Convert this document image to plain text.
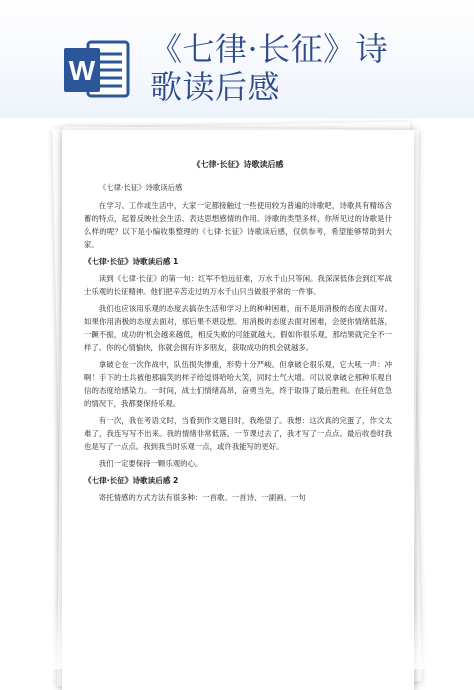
W
《七律·长征》诗
歌读后感
《七律·长征》诗歌读后感

《七律·长征》诗歌读后感

在学习、工作或生活中，大家一定都接触过一些使用较为普遍的诗歌吧，诗歌具有精练含蓄的特点，起着反映社会生活、表达思想感情的作用。诗歌的类型多样，你所见过的诗歌是什么样的呢？以下是小编收集整理的《七律·长征》诗歌读后感，仅供参考，希望能够帮助到大家。

《七律·长征》诗歌读后感 1

读到《七律·长征》的第一句：红军不怕远征难，万水千山只等闲。我深深低体会到红军战士乐观的长征精神。他们把辛苦走过的万水千山只当做很平常的一件事。

我们也应该用乐观的态度去搞杂生活和学习上的种种困难，而不是用消极的态度去面对。如果你用消极的态度去面对，那后果不堪设想。用消极的态度去面对困难，会使你情绪低落，一蹶不振，成功的'机会越来越低，相反失败的可能就越大。假如你很乐观，那结果就完全不一样了。你的心情愉快，你就会拥有许多朋友，获取成功的机会就越多。

拿破仑在一次作战中，队伍损失惨重，形势十分严峻。但拿破仑很乐观，它大吼一声：冲啊！手下的士兵被他那搞笑的样子给逗得哈哈大笑，同时士气大增。可以说拿破仑那种乐观自信的态度给感染力。一时间，战士们情绪高昂，奋勇当先，终于取得了最后胜利。在任何危急的情况下，我都要保持乐观。

有一次，我在考语文时，当看到作文题目时，我绝望了。我想：这次真的完蛋了，作文太难了，我连写写不出来。我的情绪非常低落，一节课过去了，我才写了一点点。最后收卷时我也是写了一点点。我到我当时乐观一点，或许我能写的更好。

我们一定要保持一颗乐观的心。

《七律·长征》诗歌读后感 2

寄托情感的方式方法有很多种：一首歌、一首诗、一副画、一句
